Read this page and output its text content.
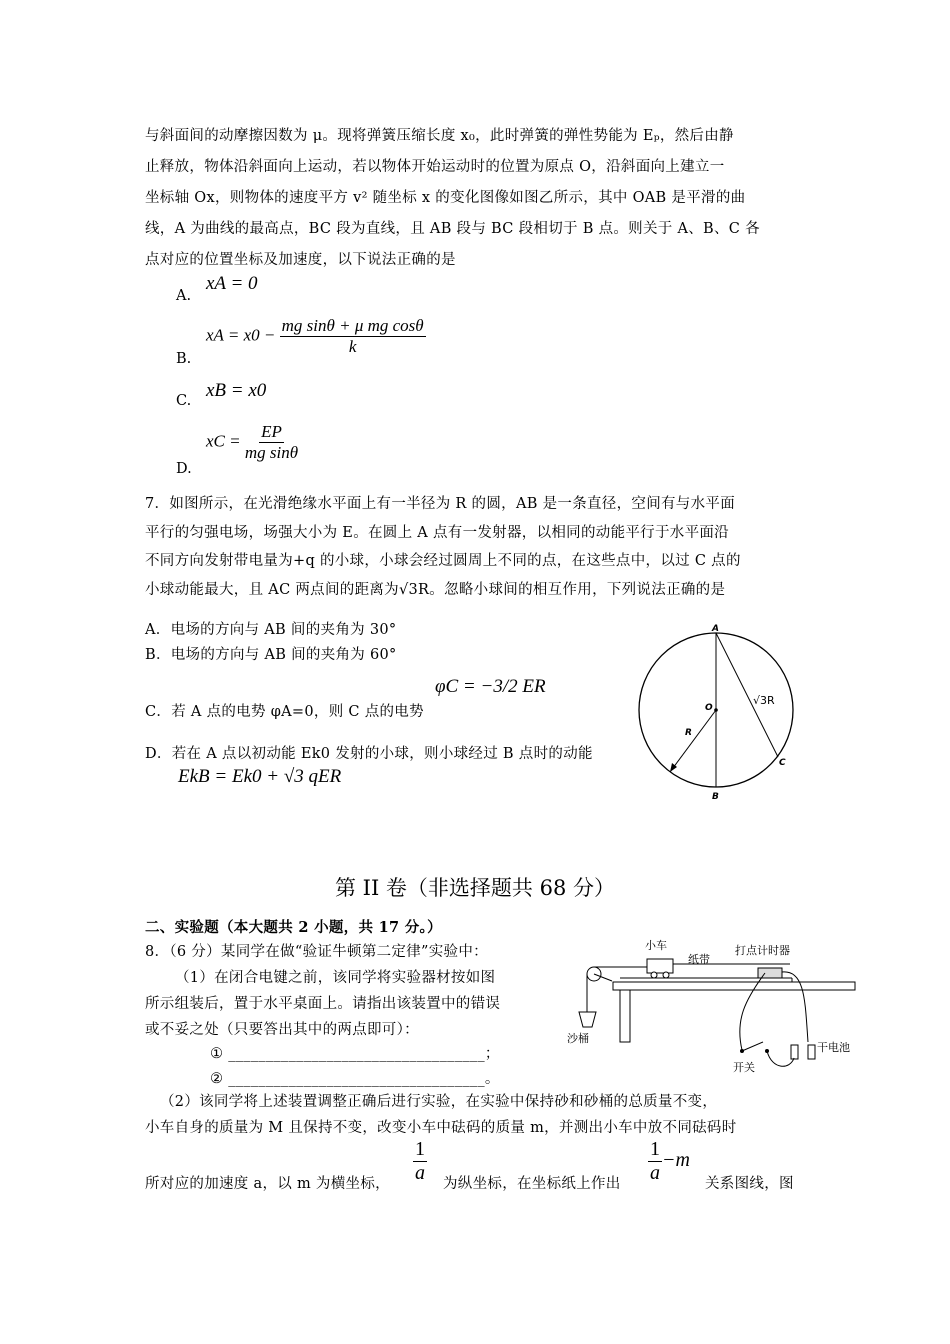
与斜面间的动摩擦因数为 μ。现将弹簧压缩长度 x₀，此时弹簧的弹性势能为 Eₚ，然后由静
止释放，物体沿斜面向上运动，若以物体开始运动时的位置为原点 O，沿斜面向上建立一
坐标轴 Ox，则物体的速度平方 v² 随坐标 x 的变化图像如图乙所示，其中 OAB 是平滑的曲
线，A 为曲线的最高点，BC 段为直线，且 AB 段与 BC 段相切于 B 点。则关于 A、B、C 各
点对应的位置坐标及加速度，以下说法正确的是
A.
xA = 0
B.
xA = $x0 - \frac{\text{mg sinθ + μ mg cosθ}}{k}$
C. xB = x0
D.
xC = $\frac{EP}{\text{mg sinθ}}$
7．如图所示，在光滑绝缘水平面上有一半径为 R 的圆，AB 是一条直径，空间有与水平面
平行的匀强电场，场强大小为 E。在圆上 A 点有一发射器，以相同的动能平行于水平面沿
不同方向发射带电量为+q 的小球，小球会经过圆周上不同的点，在这些点中，以过 C 点的
小球动能最大，且 AC 两点间的距离为√3R。忽略小球间的相互作用，下列说法正确的是
A．电场的方向与 AB 间的夹角为 30°
B．电场的方向与 AB 间的夹角为 60°
C．若 A 点的电势 φA=0，则 C 点的电势
φC = −3/2 ER
D．若在 A 点以初动能 Ek0 发射的小球，则小球经过 B 点时的动能
EkB = Ek0 + √3 qER
A
B
C
O
R
√3R
第 II 卷（非选择题共 68 分）
二、实验题（本大题共 2 小题，共 17 分。）
8．（6 分）某同学在做“验证牛顿第二定律”实验中：
（1）在闭合电键之前，该同学将实验器材按如图
所示组装后，置于水平桌面上。请指出该装置中的错误
或不妥之处（只要答出其中的两点即可）：
① __________________________________；
② __________________________________。
（2）该同学将上述装置调整正确后进行实验，在实验中保持砂和砂桶的总质量不变，
小车自身的质量为 M 且保持不变，改变小车中砝码的质量 m，并测出小车中放不同砝码时
所对应的加速度 a，以 m 为横坐标， $\frac{1}{a}$ 为纵坐标，在坐标纸上作出 $\frac{1}{a} -m$
关系图线，图
小车
纸带
打点计时器
沙桶
开关
干电池
